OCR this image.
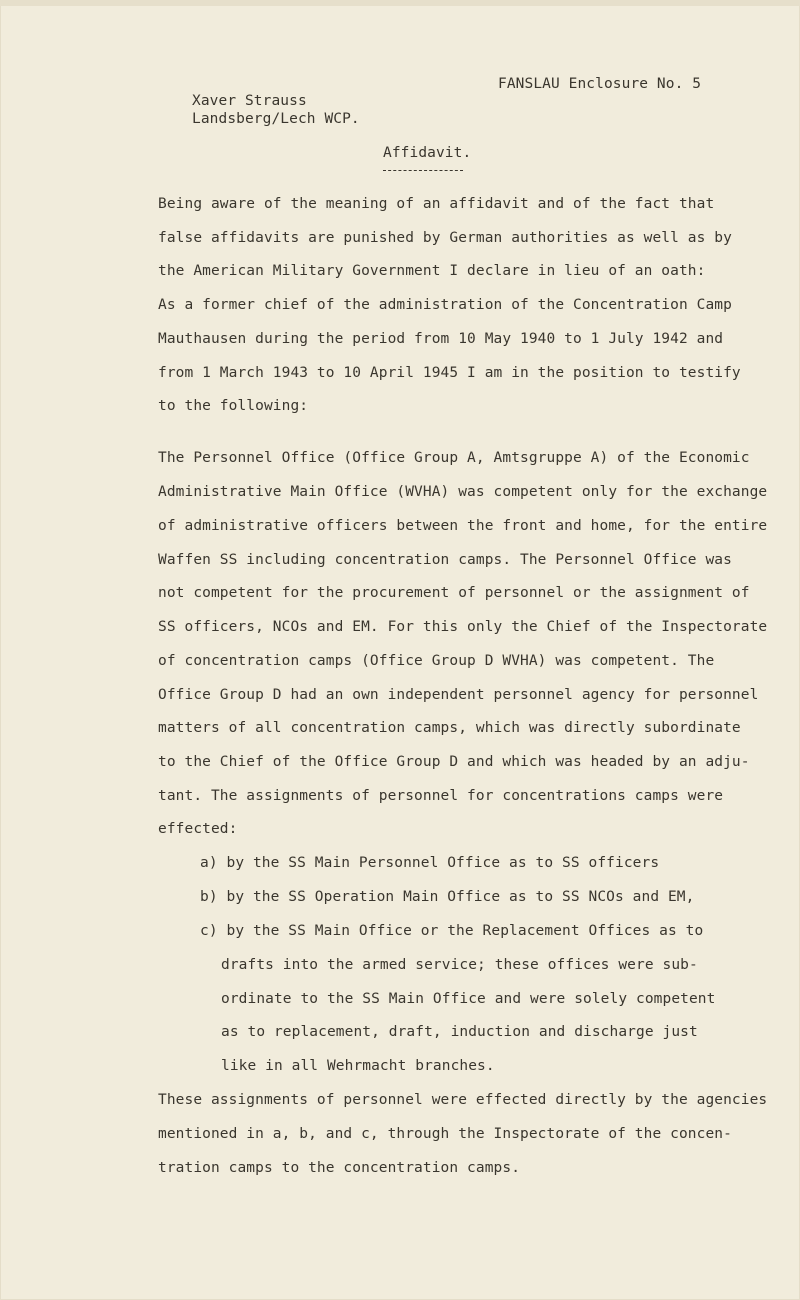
FANSLAU Enclosure No. 5
Xaver Strauss
Landsberg/Lech WCP.
Affidavit.
Being aware of the meaning of an affidavit and of the fact that
false affidavits are punished by German authorities as well as by
the American Military Government I declare in lieu of an oath:
As a former chief of the administration of the Concentration Camp
Mauthausen during the period from 10 May 1940 to 1 July 1942 and
from 1 March 1943 to 10 April 1945 I am in the position to testify
to the following:
The Personnel Office (Office Group A, Amtsgruppe A) of the Economic
Administrative Main Office (WVHA) was competent only for the exchange
of administrative officers between the front and home, for the entire
Waffen SS including concentration camps. The Personnel Office was
not competent for the procurement of personnel or the assignment of
SS officers, NCOs and EM. For this only the Chief of the Inspectorate
of concentration camps (Office Group D WVHA) was competent. The
Office Group D had an own independent personnel agency for personnel
matters of all concentration camps, which was directly subordinate
to the Chief of the Office Group D and which was headed by an adju-
tant. The assignments of personnel for concentrations camps were
effected:
a) by the SS Main Personnel Office as to SS officers
b) by the SS Operation Main Office as to SS NCOs and EM,
c) by the SS Main Office or the Replacement Offices as to
drafts into the armed service; these offices were sub-
ordinate to the SS Main Office and were solely competent
as to replacement, draft, induction and discharge just
like in all Wehrmacht branches.
These assignments of personnel were effected directly by the agencies
mentioned in a, b, and c, through the Inspectorate of the concen-
tration camps to the concentration camps.
